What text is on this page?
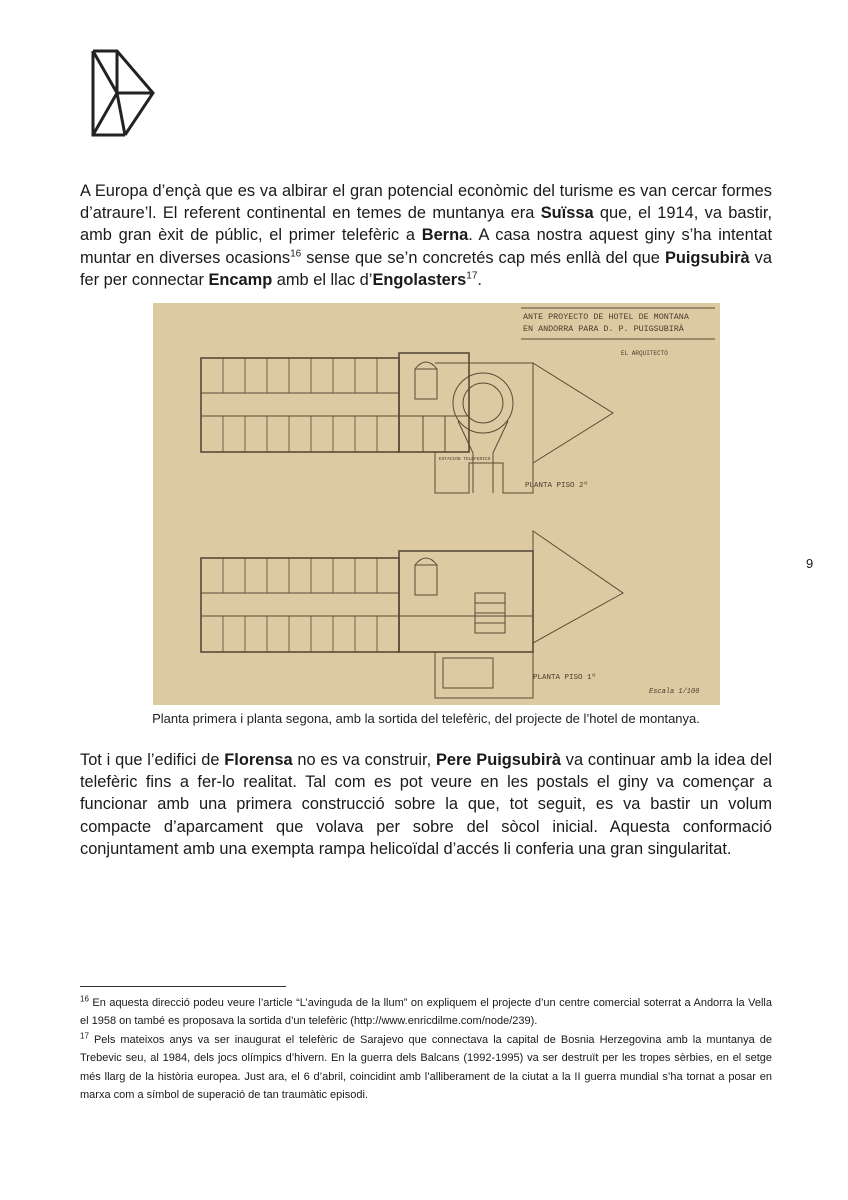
A Europa d’ençà que es va albirar el gran potencial econòmic del turisme es van cercar formes d’atraure’l. El referent continental en temes de muntanya era Suïssa que, el 1914, va bastir, amb gran èxit de públic, el primer telefèric a Berna. A casa nostra aquest giny s’ha intentat muntar en diverses ocasions$^{16}$ sense que se’n concretés cap més enllà del que Puigsubirà va fer per connectar Encamp amb el llac d’Engolasters$^{17}$.

ANTE PROYECTO DE HOTEL DE MONTANA
EN ANDORRA PARA D. P. PUIGSUBIRÀ
EL ARQUITECTO
PLANTA PISO 2º
PLANTA PISO 1º
ESTACION TELEFERICO
Escala 1/100

Planta primera i planta segona, amb la sortida del telefèric, del projecte de l’hotel de montanya.

9

Tot i que l’edifici de Florensa no es va construir, Pere Puigsubirà va continuar amb la idea del telefèric fins a fer-lo realitat. Tal com es pot veure en les postals el giny va començar a funcionar amb una primera construcció sobre la que, tot seguit, es va bastir un volum compacte d’aparcament que volava per sobre del sòcol inicial. Aquesta conformació conjuntament amb una exempta rampa helicoïdal d’accés li conferia una gran singularitat.

$^{16}$ En aquesta direcció podeu veure l’article “L’avinguda de la llum” on expliquem el projecte d’un centre comercial soterrat a Andorra la Vella el 1958 on també es proposava la sortida d’un telefèric (http://www.enricdilme.com/node/239).

$^{17}$ Pels mateixos anys va ser inaugurat el telefèric de Sarajevo que connectava la capital de Bosnia Herzegovina amb la muntanya de Trebevic seu, al 1984, dels jocs olímpics d’hivern. En la guerra dels Balcans (1992-1995) va ser destruït per les tropes sèrbies, en el setge més llarg de la història europea. Just ara, el 6 d’abril, coincidint amb l’alliberament de la ciutat a la II guerra mundial s’ha tornat a posar en marxa com a símbol de superació de tan traumàtic episodi.
